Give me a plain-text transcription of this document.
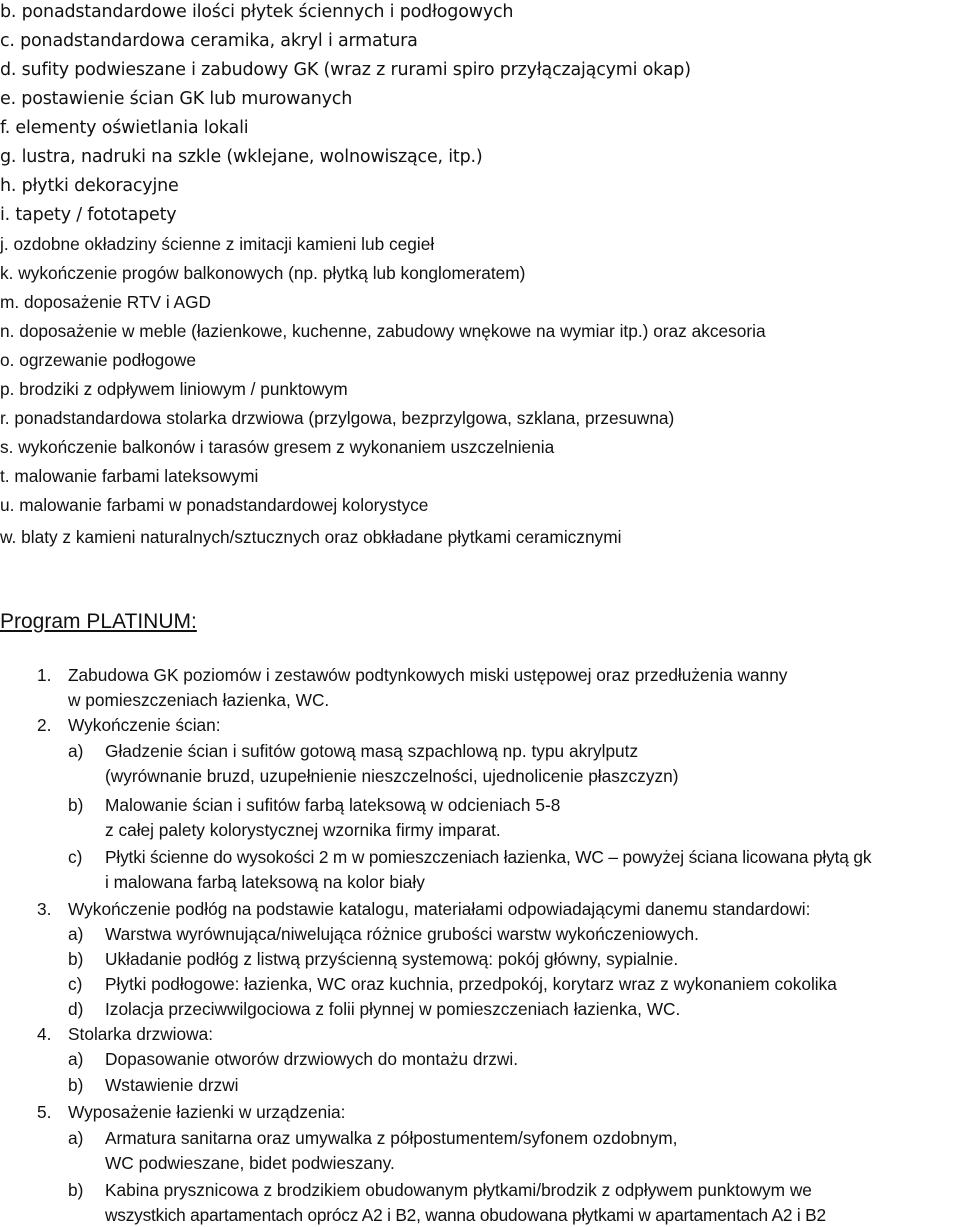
b. ponadstandardowe ilości płytek ściennych i podłogowych
c. ponadstandardowa ceramika, akryl i armatura
d. sufity podwieszane i zabudowy GK (wraz z rurami spiro przyłączającymi okap)
e. postawienie ścian GK lub murowanych
f. elementy oświetlania lokali
g. lustra, nadruki na szkle (wklejane, wolnowiszące, itp.)
h. płytki dekoracyjne
i. tapety / fototapety
j. ozdobne okładziny ścienne z imitacji kamieni lub cegieł
k. wykończenie progów balkonowych (np. płytką lub konglomeratem)
m. doposażenie RTV i AGD
n. doposażenie w meble (łazienkowe, kuchenne, zabudowy wnękowe na wymiar itp.) oraz akcesoria
o. ogrzewanie podłogowe
p. brodziki z odpływem liniowym / punktowym
r. ponadstandardowa stolarka drzwiowa (przylgowa, bezprzylgowa, szklana, przesuwna)
s. wykończenie balkonów i tarasów gresem z wykonaniem uszczelnienia
t. malowanie farbami lateksowymi
u. malowanie farbami w ponadstandardowej kolorystyce
w. blaty z kamieni naturalnych/sztucznych oraz obkładane płytkami ceramicznymi
Program PLATINUM:
1. Zabudowa GK poziomów i zestawów podtynkowych miski ustępowej oraz przedłużenia wanny
w pomieszczeniach łazienka, WC.
2. Wykończenie ścian:
a) Gładzenie ścian i sufitów gotową masą szpachlową np. typu akrylputz
(wyrównanie bruzd, uzupełnienie nieszczelności, ujednolicenie płaszczyzn)
b) Malowanie ścian i sufitów farbą lateksową w odcieniach 5-8
z całej palety kolorystycznej wzornika firmy imparat.
c) Płytki ścienne do wysokości 2 m w pomieszczeniach łazienka, WC – powyżej ściana licowana płytą gk
i malowana farbą lateksową na kolor biały
3. Wykończenie podłóg na podstawie katalogu, materiałami odpowiadającymi danemu standardowi:
a) Warstwa wyrównująca/niwelująca różnice grubości warstw wykończeniowych.
b) Układanie podłóg z listwą przyścienną systemową: pokój główny, sypialnie.
c) Płytki podłogowe: łazienka, WC oraz kuchnia, przedpokój, korytarz wraz z wykonaniem cokolika
d) Izolacja przeciwwilgociowa z folii płynnej w pomieszczeniach łazienka, WC.
4. Stolarka drzwiowa:
a) Dopasowanie otworów drzwiowych do montażu drzwi.
b) Wstawienie drzwi
5. Wyposażenie łazienki w urządzenia:
a) Armatura sanitarna oraz umywalka z półpostumentem/syfonem ozdobnym,
WC podwieszane, bidet podwieszany.
b) Kabina prysznicowa z brodzikiem obudowanym płytkami/brodzik z odpływem punktowym we
wszystkich apartamentach oprócz A2 i B2, wanna obudowana płytkami w apartamentach A2 i B2
